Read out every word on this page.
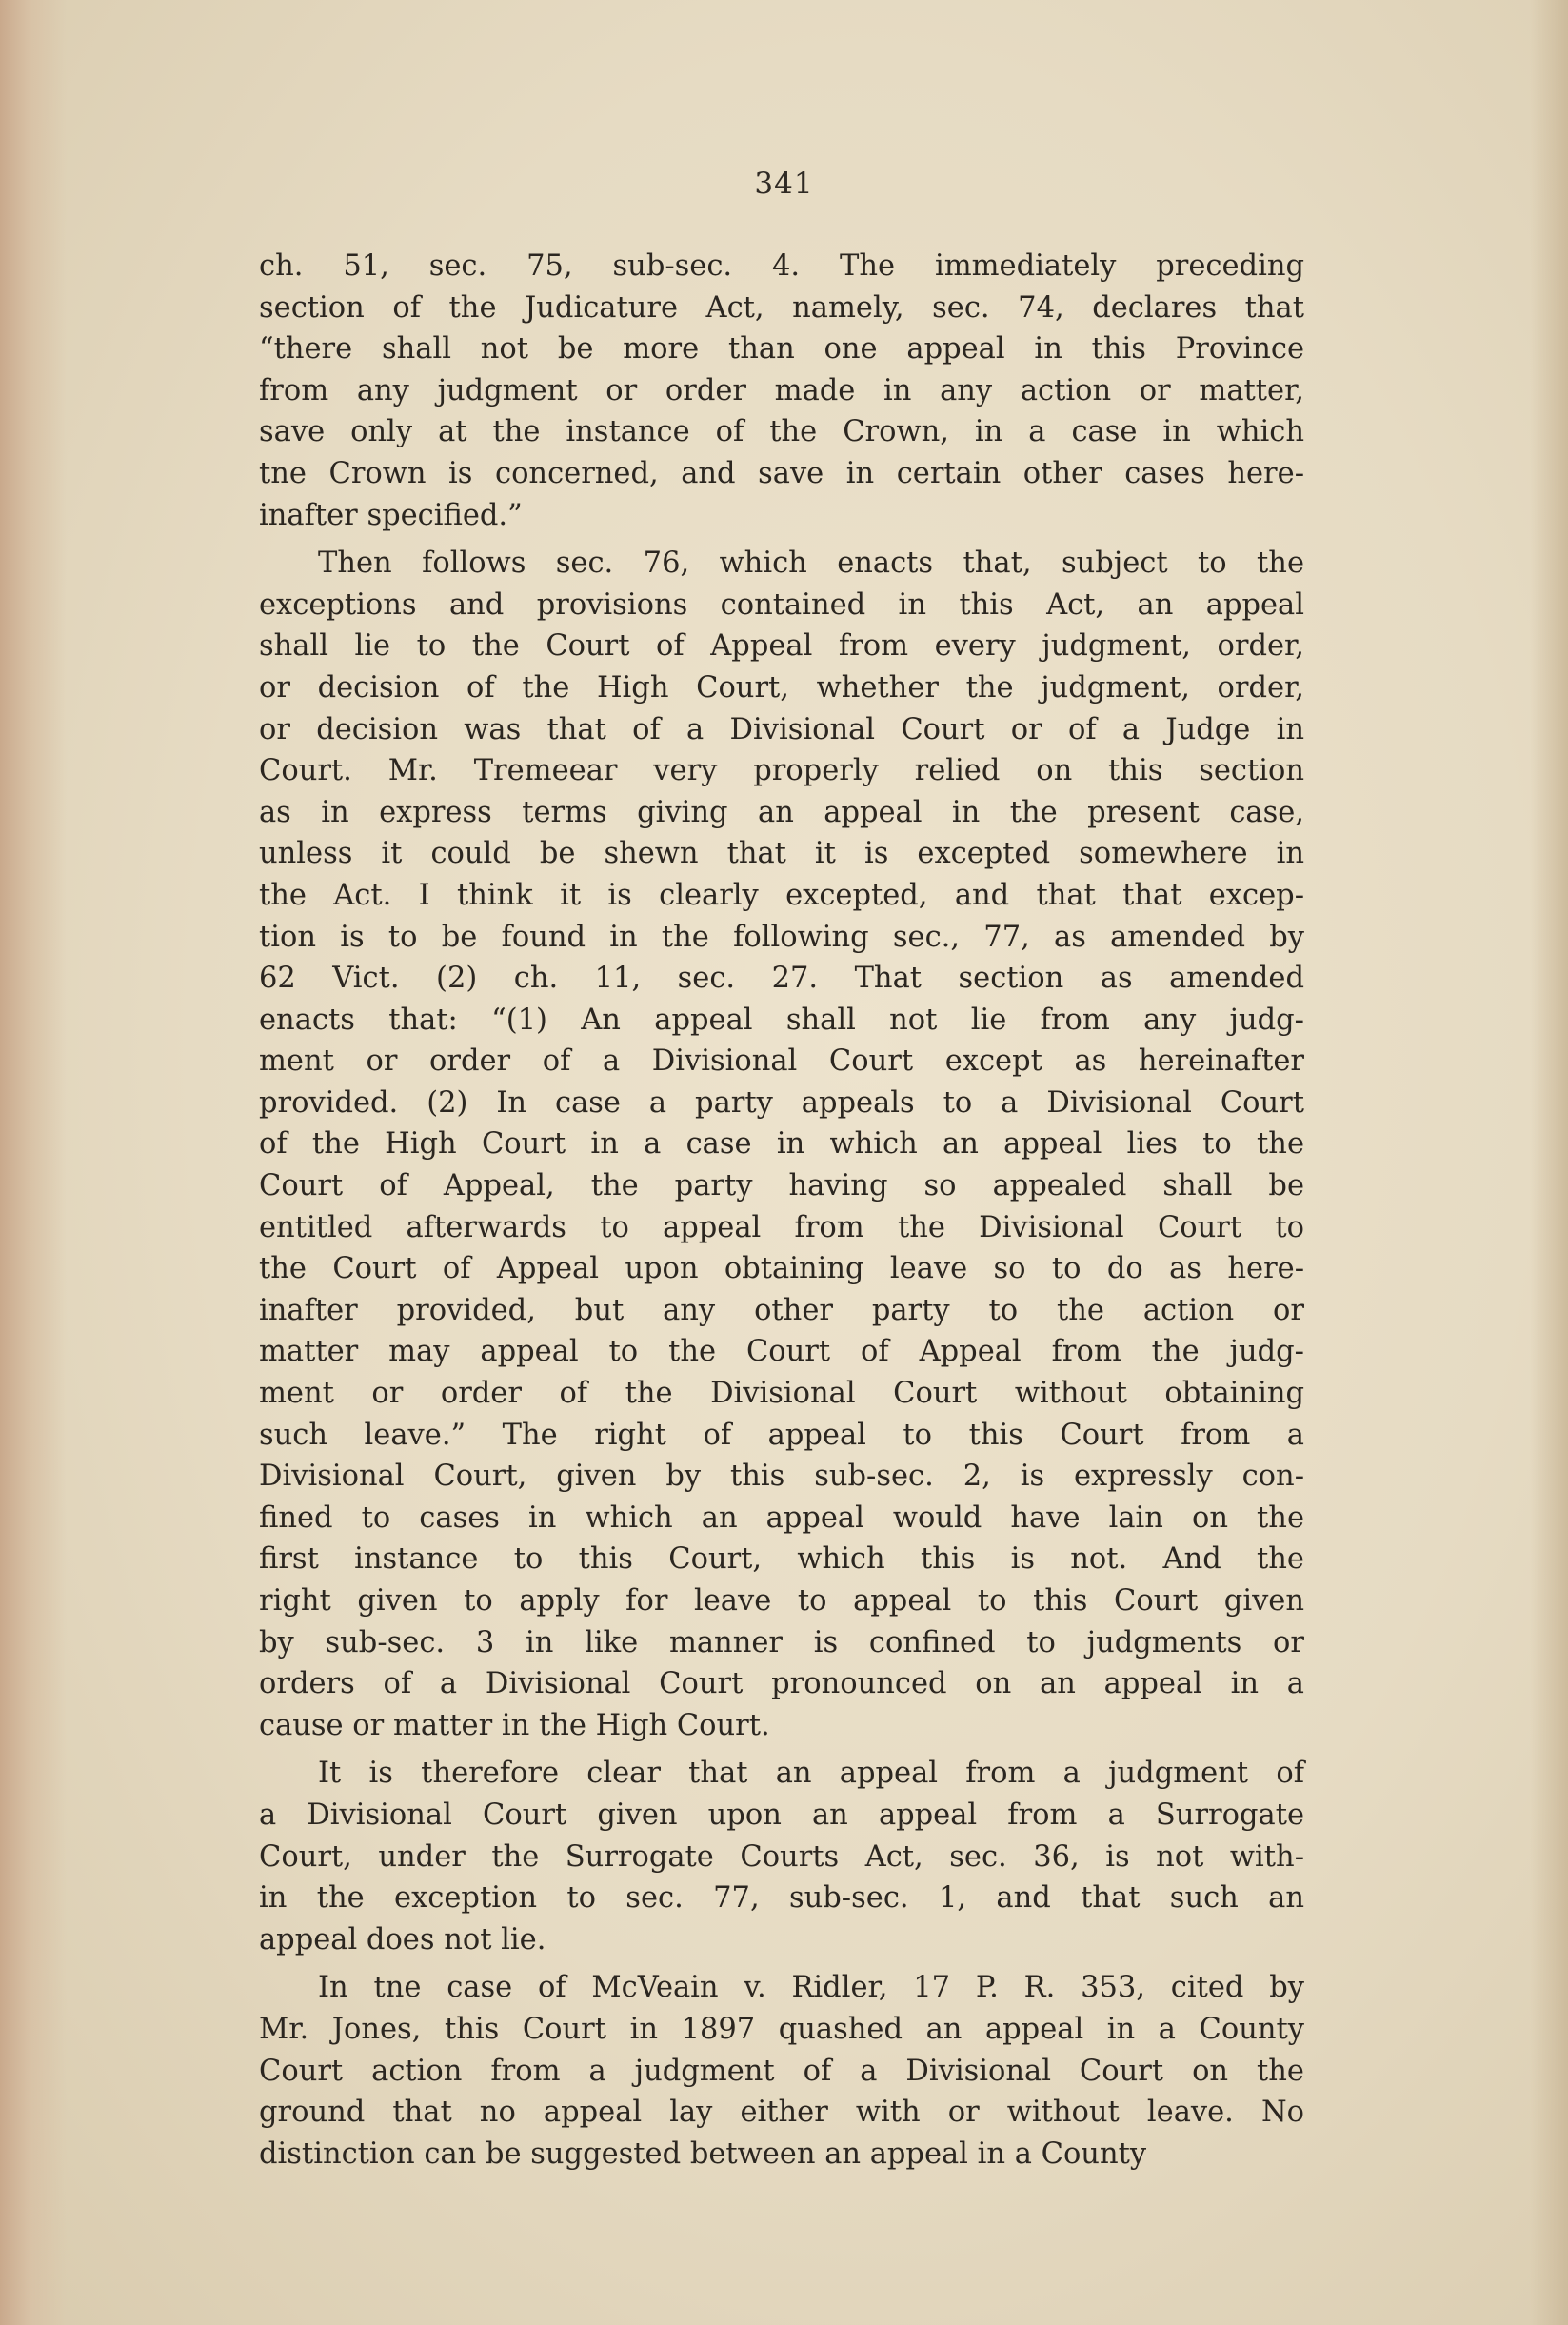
341
ch. 51, sec. 75, sub-sec. 4. The immediately preceding
section of the Judicature Act, namely, sec. 74, declares that
“there shall not be more than one appeal in this Province
from any judgment or order made in any action or matter,
save only at the instance of the Crown, in a case in which
tne Crown is concerned, and save in certain other cases here-
inafter specified.”
Then follows sec. 76, which enacts that, subject to the
exceptions and provisions contained in this Act, an appeal
shall lie to the Court of Appeal from every judgment, order,
or decision of the High Court, whether the judgment, order,
or decision was that of a Divisional Court or of a Judge in
Court. Mr. Tremeear very properly relied on this section
as in express terms giving an appeal in the present case,
unless it could be shewn that it is excepted somewhere in
the Act. I think it is clearly excepted, and that that excep-
tion is to be found in the following sec., 77, as amended by
62 Vict. (2) ch. 11, sec. 27. That section as amended
enacts that: “(1) An appeal shall not lie from any judg-
ment or order of a Divisional Court except as hereinafter
provided. (2) In case a party appeals to a Divisional Court
of the High Court in a case in which an appeal lies to the
Court of Appeal, the party having so appealed shall be
entitled afterwards to appeal from the Divisional Court to
the Court of Appeal upon obtaining leave so to do as here-
inafter provided, but any other party to the action or
matter may appeal to the Court of Appeal from the judg-
ment or order of the Divisional Court without obtaining
such leave.” The right of appeal to this Court from a
Divisional Court, given by this sub-sec. 2, is expressly con-
fined to cases in which an appeal would have lain on the
first instance to this Court, which this is not. And the
right given to apply for leave to appeal to this Court given
by sub-sec. 3 in like manner is confined to judgments or
orders of a Divisional Court pronounced on an appeal in a
cause or matter in the High Court.
It is therefore clear that an appeal from a judgment of
a Divisional Court given upon an appeal from a Surrogate
Court, under the Surrogate Courts Act, sec. 36, is not with-
in the exception to sec. 77, sub-sec. 1, and that such an
appeal does not lie.
In tne case of McVeain v. Ridler, 17 P. R. 353, cited by
Mr. Jones, this Court in 1897 quashed an appeal in a County
Court action from a judgment of a Divisional Court on the
ground that no appeal lay either with or without leave. No
distinction can be suggested between an appeal in a County
